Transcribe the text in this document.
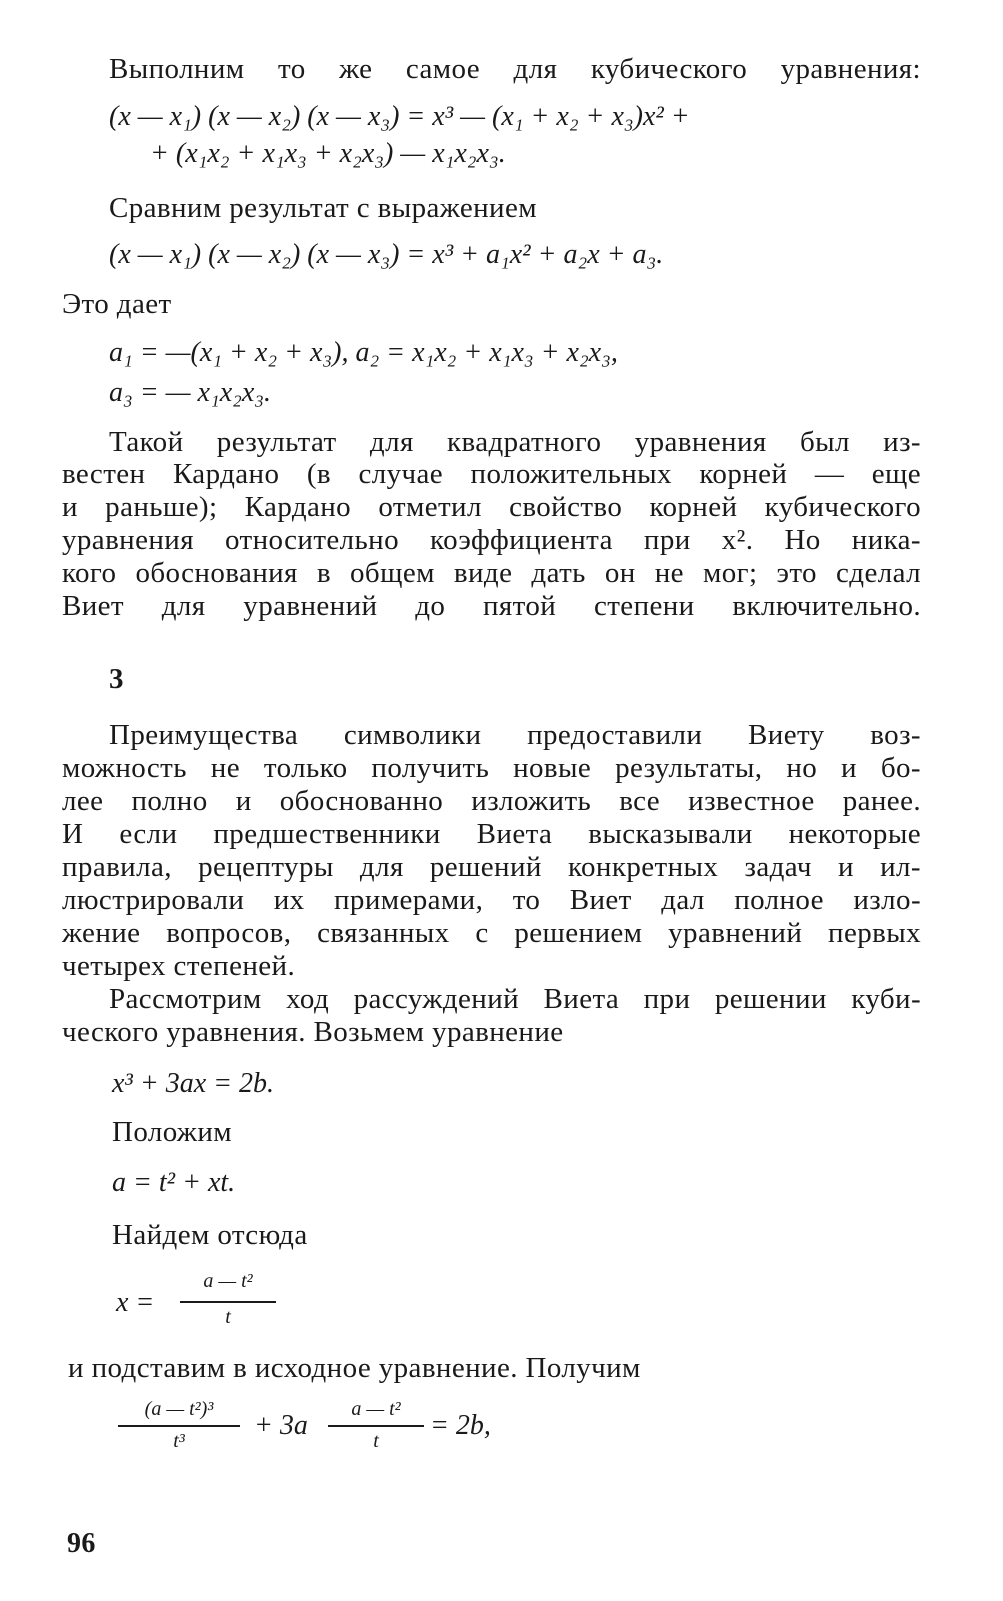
Выполним то же самое для кубического уравнения:
(x — x₁) (x — x₂) (x — x₃) = x³ — (x₁ + x₂ + x₃)x² +
+ (x₁x₂ + x₁x₃ + x₂x₃) — x₁x₂x₃.
Сравним результат с выражением
(x — x₁) (x — x₂) (x — x₃) = x³ + a₁x² + a₂x + a₃.
Это дает
a₁ = —(x₁ + x₂ + x₃), a₂ = x₁x₂ + x₁x₃ + x₂x₃,
a₃ = — x₁x₂x₃.
Такой результат для квадратного уравнения был из-
вестен Кардано (в случае положительных корней — еще
и раньше); Кардано отметил свойство корней кубического
уравнения относительно коэффициента при x². Но ника-
кого обоснования в общем виде дать он не мог; это сделал
Виет для уравнений до пятой степени включительно.
3
Преимущества символики предоставили Виету воз-
можность не только получить новые результаты, но и бо-
лее полно и обоснованно изложить все известное ранее.
И если предшественники Виета высказывали некоторые
правила, рецептуры для решений конкретных задач и ил-
люстрировали их примерами, то Виет дал полное изло-
жение вопросов, связанных с решением уравнений первых
четырех степеней.
Рассмотрим ход рассуждений Виета при решении куби-
ческого уравнения. Возьмем уравнение
x³ + 3ax = 2b.
Положим
a = t² + xt.
Найдем отсюда
x =
a — t²
t
и подставим в исходное уравнение. Получим
(a — t²)³
t³	+ 3a
a — t²
t	= 2b,
96
